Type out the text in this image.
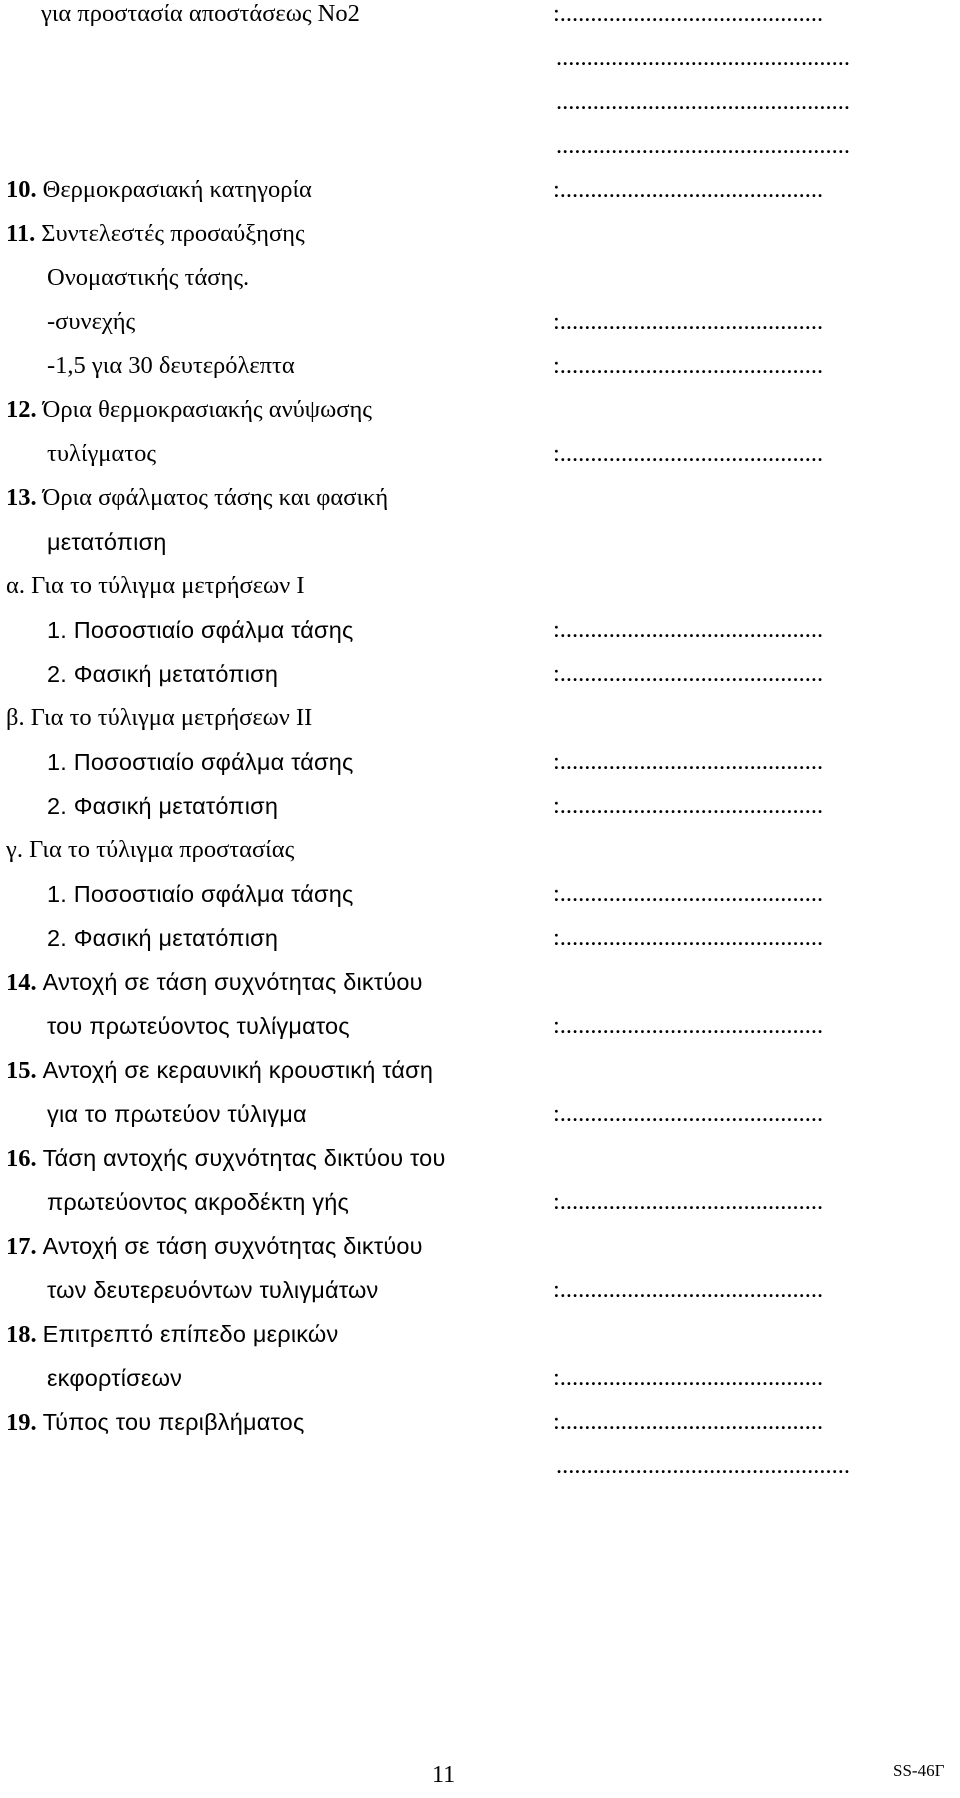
για προστασία αποστάσεως Νο2	:...........................................
................................................
................................................
................................................
10. Θερμοκρασιακή κατηγορία	:...........................................
11. Συντελεστές προσαύξησης
Ονομαστικής τάσης.
-συνεχής	:...........................................
-1,5 για 30 δευτερόλεπτα	:...........................................
12. Όρια θερμοκρασιακής ανύψωσης
τυλίγματος	:...........................................
13. Όρια σφάλματος τάσης και φασική
μετατόπιση
α. Για το τύλιγμα μετρήσεων Ι
1. Ποσοστιαίο σφάλμα τάσης	:...........................................
2. Φασική μετατόπιση	:...........................................
β. Για το τύλιγμα μετρήσεων ΙΙ
1. Ποσοστιαίο σφάλμα τάσης	:...........................................
2. Φασική μετατόπιση	:...........................................
γ. Για το τύλιγμα προστασίας
1. Ποσοστιαίο σφάλμα τάσης	:...........................................
2. Φασική μετατόπιση	:...........................................
14. Αντοχή σε τάση συχνότητας δικτύου
του πρωτεύοντος τυλίγματος	:...........................................
15. Αντοχή σε κεραυνική κρουστική τάση
για το πρωτεύον τύλιγμα	:...........................................
16. Τάση αντοχής συχνότητας δικτύου του
πρωτεύοντος ακροδέκτη γής	:...........................................
17. Αντοχή σε τάση συχνότητας δικτύου
των δευτερευόντων τυλιγμάτων	:...........................................
18. Επιτρεπτό επίπεδο μερικών
εκφορτίσεων	:...........................................
19. Τύπος του περιβλήματος	:...........................................
................................................
11	SS-46Γ
